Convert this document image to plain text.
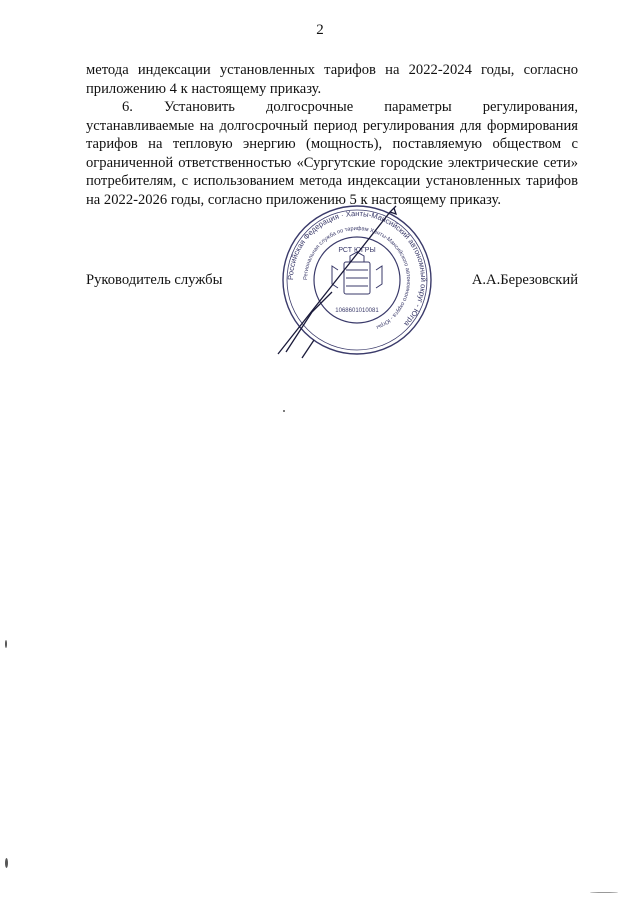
2

метода индексации установленных тарифов на 2022-2024 годы, согласно приложению 4 к настоящему приказу.

6. Установить долгосрочные параметры регулирования, устанавливаемые на долгосрочный период регулирования для формирования тарифов на тепловую энергию (мощность), поставляемую обществом с ограниченной ответственностью «Сургутские городские электрические сети» потребителям, с использованием метода индексации установленных тарифов на 2022-2026 годы, согласно приложению 5 к настоящему приказу.

Руководитель службы	А.А.Березовский
Российская Федерация · Ханты-Мансийский автономный округ - Югра
Региональная служба по тарифам Ханты-Мансийского автономного округа - Югры
РСТ ЮГРЫ
1068601010081
